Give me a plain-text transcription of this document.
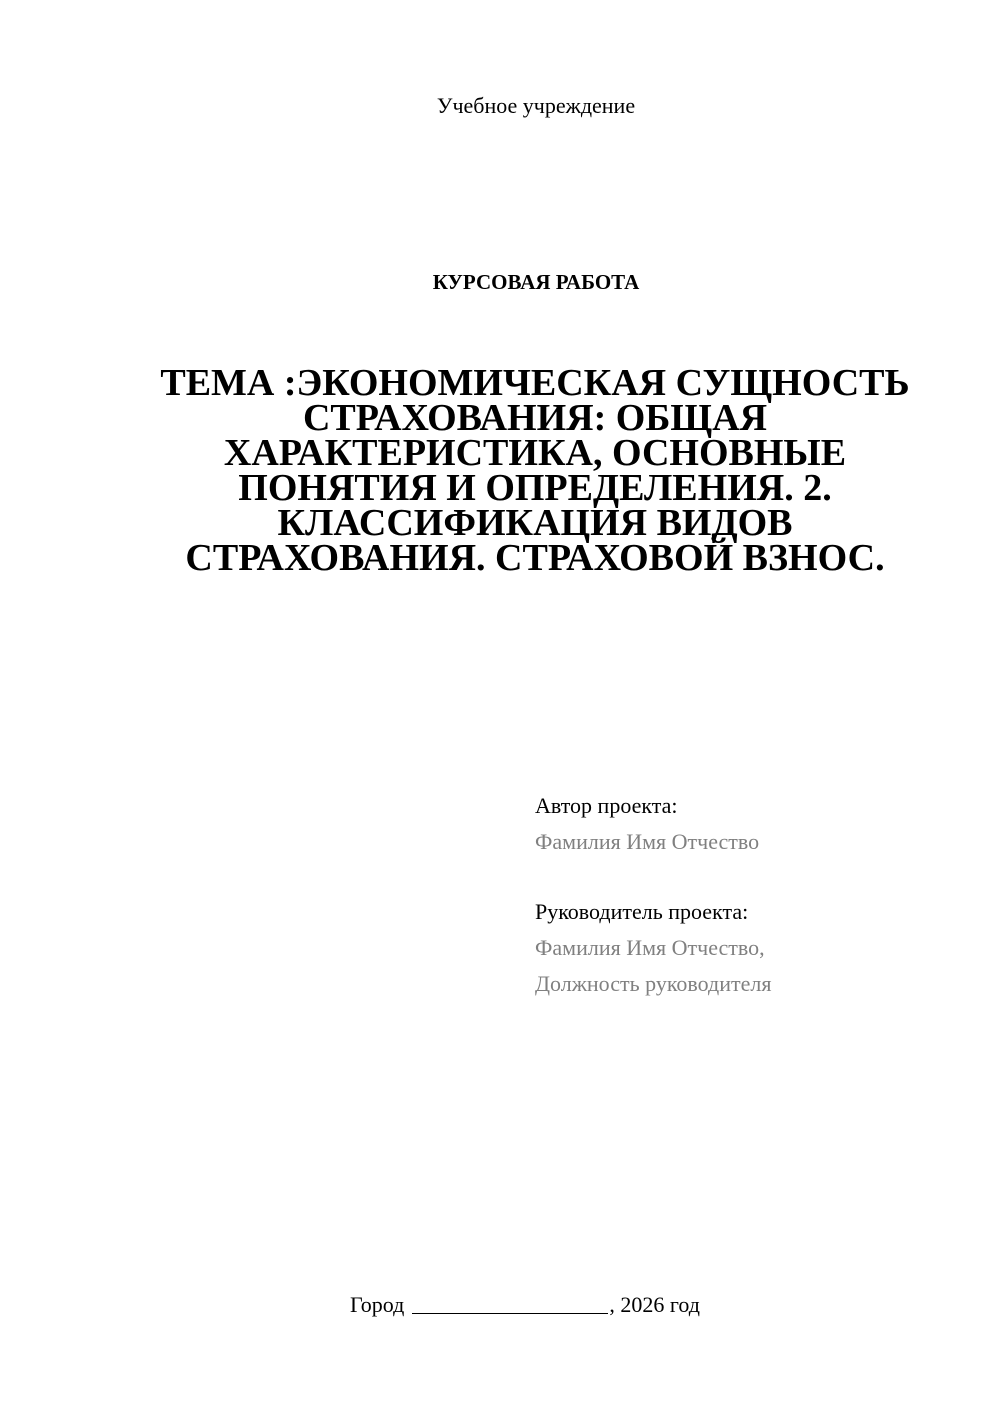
Учебное учреждение
КУРСОВАЯ РАБОТА
ТЕМА :ЭКОНОМИЧЕСКАЯ СУЩНОСТЬ СТРАХОВАНИЯ: ОБЩАЯ ХАРАКТЕРИСТИКА, ОСНОВНЫЕ ПОНЯТИЯ И ОПРЕДЕЛЕНИЯ. 2. КЛАССИФИКАЦИЯ ВИДОВ СТРАХОВАНИЯ. СТРАХОВОЙ ВЗНОС.
Автор проекта:
Фамилия Имя Отчество
Руководитель проекта:
Фамилия Имя Отчество,
Должность руководителя
Город	, 2026 год
